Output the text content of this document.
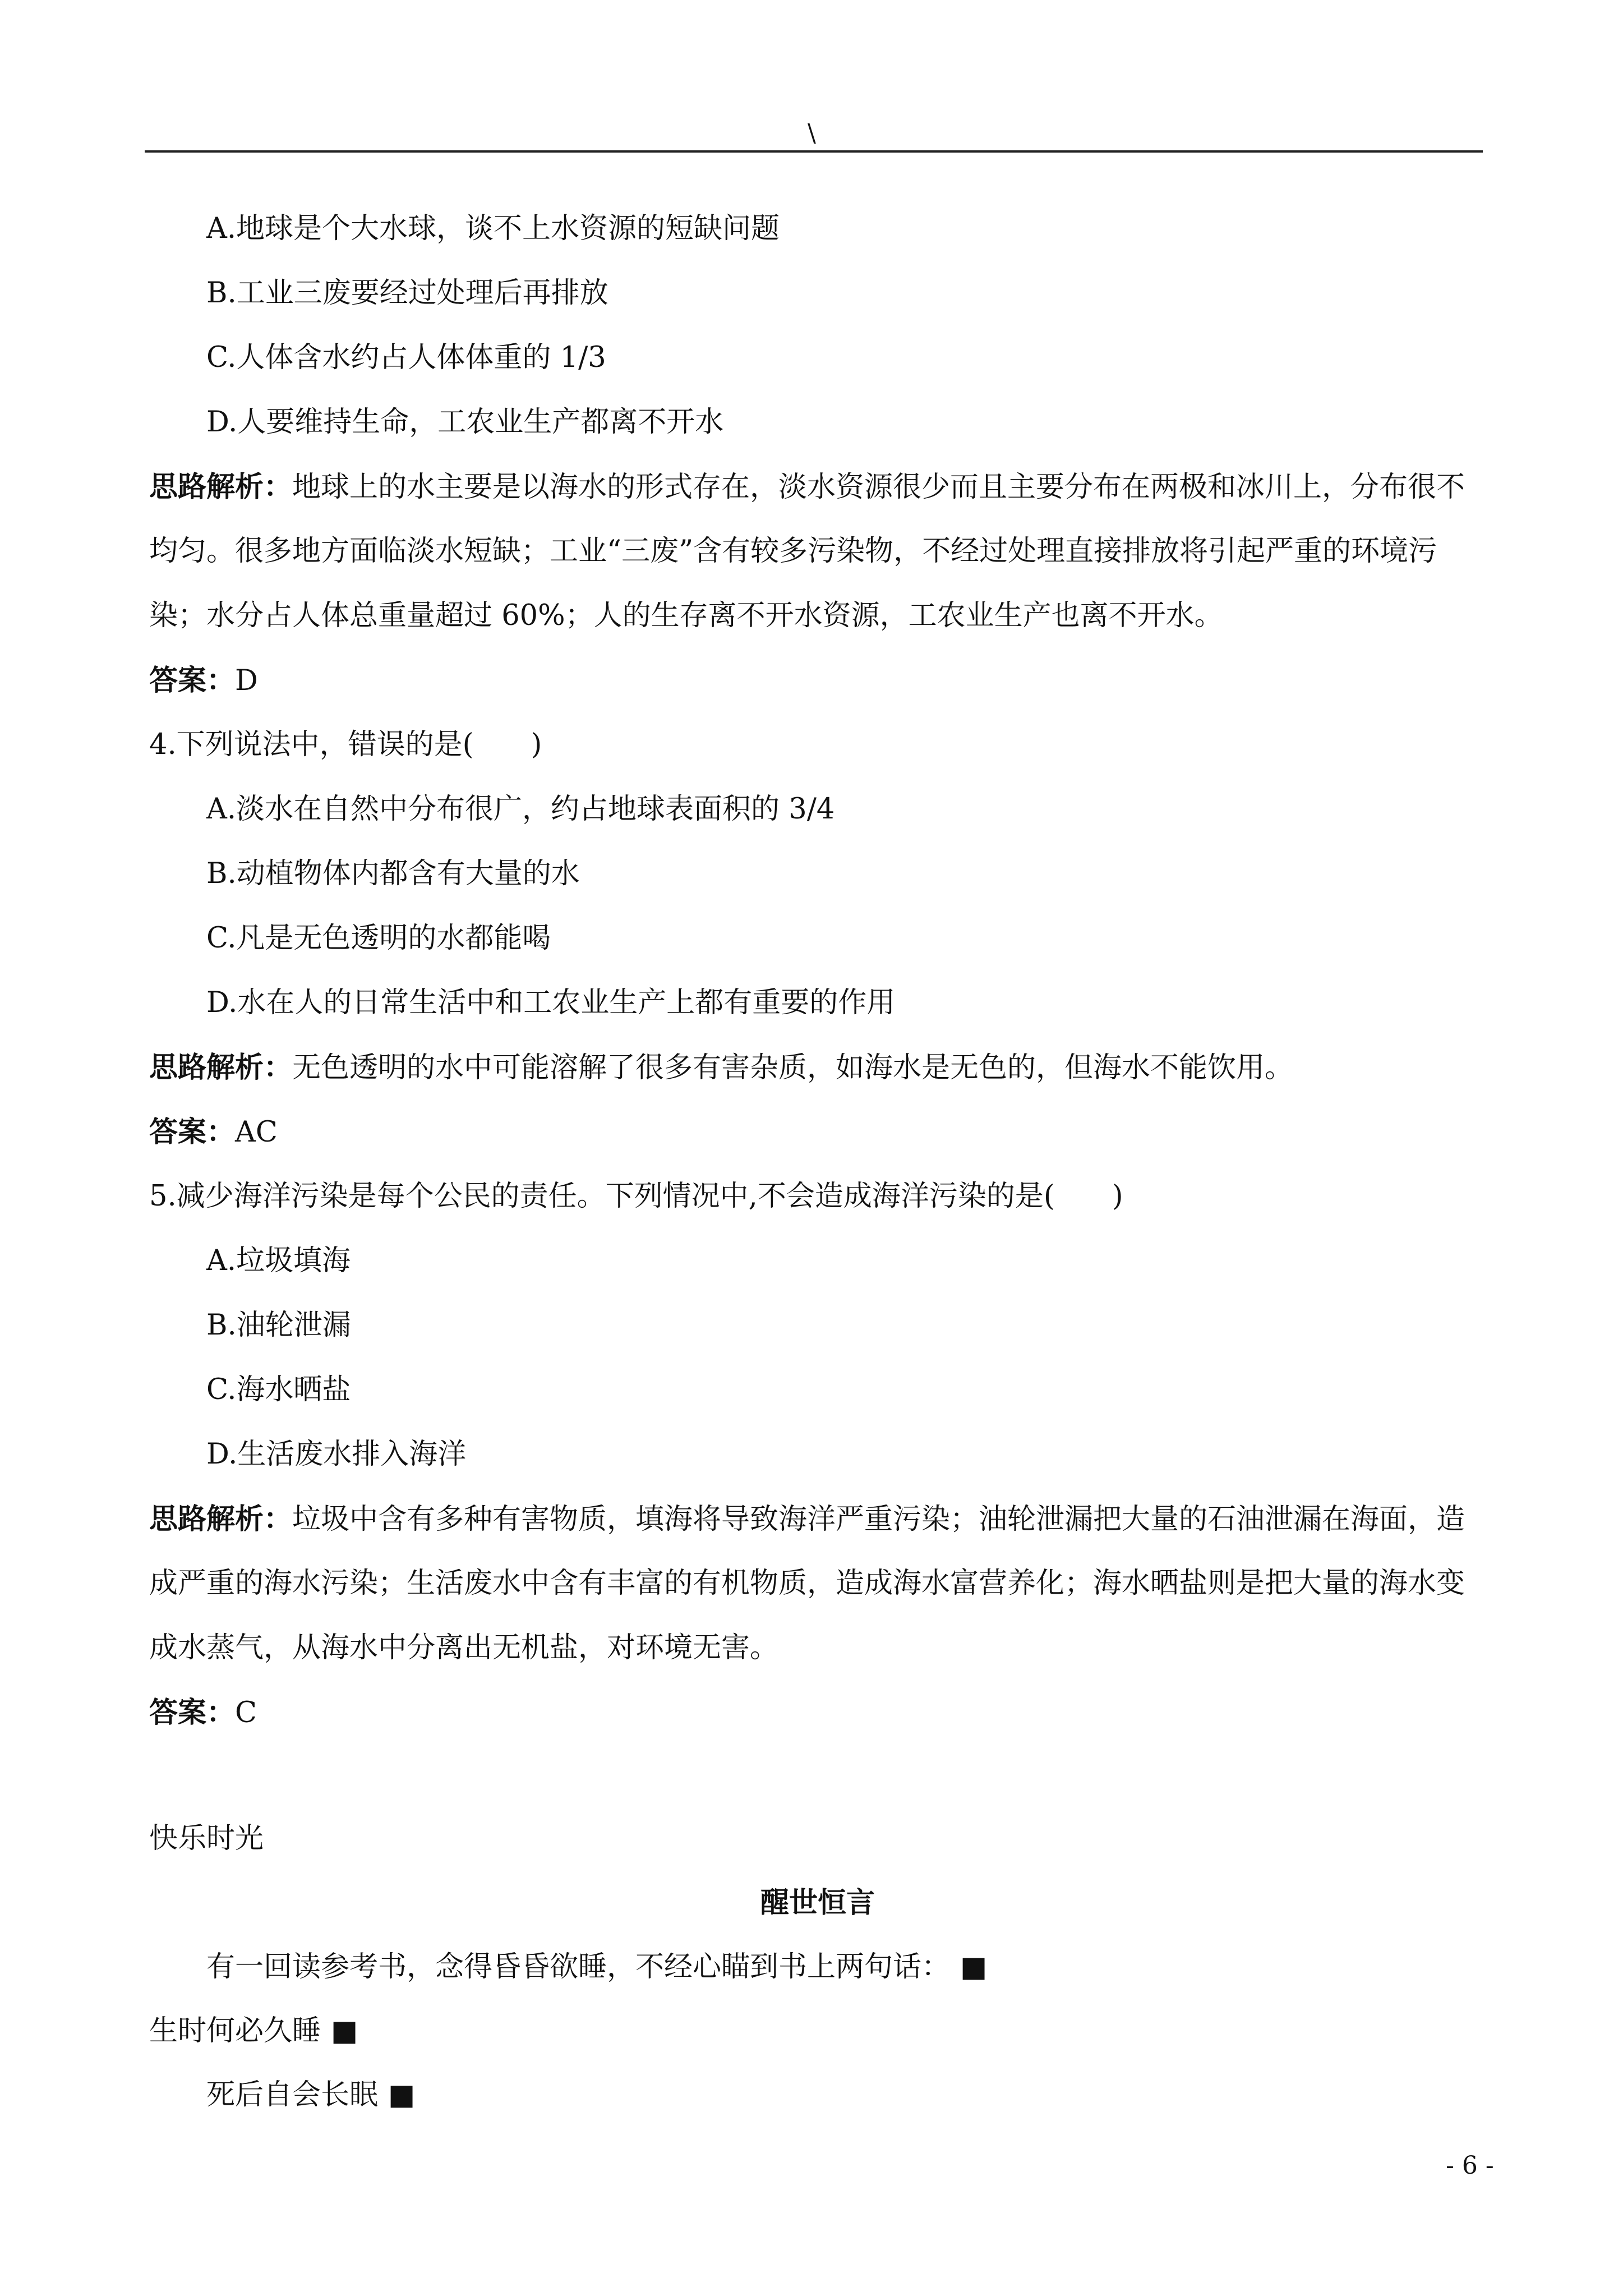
\
A.地球是个大水球，谈不上水资源的短缺问题
B.工业三废要经过处理后再排放
C.人体含水约占人体体重的 1/3
D.人要维持生命，工农业生产都离不开水
思路解析：地球上的水主要是以海水的形式存在，淡水资源很少而且主要分布在两极和冰川上，分布很不
均匀。很多地方面临淡水短缺；工业“三废”含有较多污染物，不经过处理直接排放将引起严重的环境污
染；水分占人体总重量超过 60%；人的生存离不开水资源，工农业生产也离不开水。
答案：D
4.下列说法中，错误的是(　　)
A.淡水在自然中分布很广，约占地球表面积的 3/4
B.动植物体内都含有大量的水
C.凡是无色透明的水都能喝
D.水在人的日常生活中和工农业生产上都有重要的作用
思路解析：无色透明的水中可能溶解了很多有害杂质，如海水是无色的，但海水不能饮用。
答案：AC
5.减少海洋污染是每个公民的责任。下列情况中,不会造成海洋污染的是(　　)
A.垃圾填海
B.油轮泄漏
C.海水晒盐
D.生活废水排入海洋
思路解析：垃圾中含有多种有害物质，填海将导致海洋严重污染；油轮泄漏把大量的石油泄漏在海面，造
成严重的海水污染；生活废水中含有丰富的有机物质，造成海水富营养化；海水晒盐则是把大量的海水变
成水蒸气，从海水中分离出无机盐，对环境无害。
答案：C
快乐时光
醒世恒言
有一回读参考书，念得昏昏欲睡，不经心瞄到书上两句话： ■
生时何必久睡 ■
死后自会长眠 ■
- 6 -
